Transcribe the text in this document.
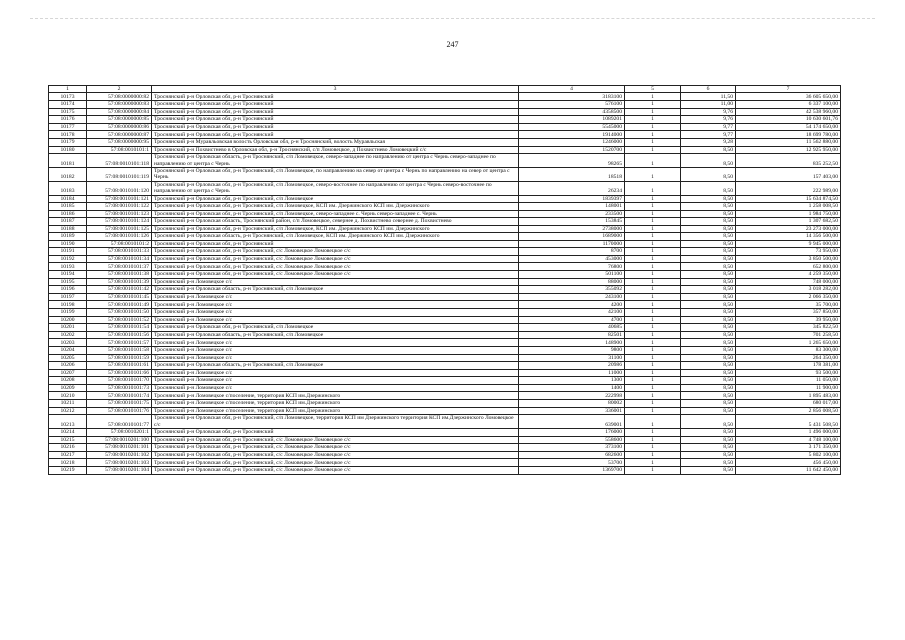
247
1	2	3	4	5	6	7
10173	57:08:0000000:82	Троснянский р-н Орловская обл, р-н Троснянский	3183100	1	11,50	36 605 650,00
10174	57:08:0000000:83	Троснянский р-н Орловская обл, р-н Троснянский	576100	1	11,00	6 337 100,00
10175	57:08:0000000:84	Троснянский р-н Орловская обл, р-н Троснянский	4358500	1	9,76	42 538 960,00
10176	57:08:0000000:85	Троснянский р-н Орловская обл, р-н Троснянский	1089201	1	9,76	10 630 601,76
10177	57:08:0000000:86	Троснянский р-н Орловская обл, р-н Троснянский	5545000	1	9,77	54 174 650,00
10178	57:08:0000000:87	Троснянский р-н Орловская обл, р-н Троснянский	1914000	1	9,77	18 699 780,00
10179	57:08:0000000:95	Троснянский р-н Муравльовская волость Орловская обл, р-н Троснянский, волость Муравльская	1246000	1	9,28	11 562 880,00
10180	57:08:0010101:1	Троснянский р-н Похвистнево в Орловская обл, р-н Троснянский, с/п Ломовецкое, д Похвистнево Ломовецкий с/с	1520700	1	8,50	12 925 950,00
10181	57:08:0010101:118	Троснянский р-н Орловская область, р-н Троснянский, с/п Ломовецкое, северо-западнее по направлению от центра с Чернь северо-западнее по направлению от центра с Чернь	98265	1	8,50	835 252,50
10182	57:08:0010101:119	Троснянский р-н Орловская обл, р-н Троснянский, с/п Ломовецкое, по направлению на север от центра с Чернь по направлению на север от центра с Чернь	18518	1	8,50	157 403,00
10183	57:08:0010101:120	Троснянский р-н Орловская обл, р-н Троснянский, с/п Ломовецкое, северо-восточнее по направлению от центра с Чернь северо-восточнее по направлению от центра с Чернь	26234	1	8,50	222 989,00
10184	57:08:0010101:121	Троснянский р-н Орловская обл, р-н Троснянский, с/п Ломовецкое	1839397	1	8,50	15 634 874,50
10185	57:08:0010101:122	Троснянский р-н Орловская обл, р-н Троснянский, с/п Ломовецкое, КСП им. Дзержинского КСП им. Дзержинского	148001	1	8,50	1 258 008,50
10186	57:08:0010101:123	Троснянский р-н Орловская обл, р-н Троснянский, с/п Ломовецкое, северо-западнее с. Чернь северо-западнее с. Чернь	233500	1	8,50	1 984 750,00
10187	57:08:0010101:124	Троснянский р-н Орловская область, Троснянский район, с/п Ломовецкое, севернее д. Похвистнево севернее д. Похвистнево	153845	1	8,50	1 307 682,50
10188	57:08:0010101:125	Троснянский р-н Орловская обл, р-н Троснянский, с/п Ломовецкое, КСП им. Дзержинского КСП им. Дзержинского	2738000	1	8,50	23 273 000,00
10189	57:08:0010101:126	Троснянский р-н Орловская область, р-н Троснянский, с/п Ломовецкое, КСП им. Дзержинского КСП им. Дзержинского	1689000	1	8,50	14 356 500,00
10190	57:08:0010101:2	Троснянский р-н Орловская обл, р-н Троснянский	1170000	1	8,50	9 945 000,00
10191	57:08:0010101:33	Троснянский р-н Орловская обл, р-н Троснянский, с/с Ломовецкое Ломовецкое с/с	8700	1	8,50	73 950,00
10192	57:08:0010101:34	Троснянский р-н Орловская обл, р-н Троснянский, с/с Ломовецкое Ломовецкое с/с	453000	1	8,50	3 850 500,00
10193	57:08:0010101:37	Троснянский р-н Орловская обл, р-н Троснянский, с/с Ломовецкое Ломовецкое с/с	76800	1	8,50	652 800,00
10194	57:08:0010101:38	Троснянский р-н Орловская обл, р-н Троснянский, с/с Ломовецкое Ломовецкое с/с	501100	1	8,50	4 259 350,00
10195	57:08:0010101:39	Троснянский р-н Ломовецкое с/с	88000	1	8,50	748 000,00
10196	57:08:0010101:42	Троснянский р-н Орловская область, р-н Троснянский, с/п Ломовецкое	355092	1	8,50	3 018 282,00
10197	57:08:0010101:45	Троснянский р-н Ломовецкое с/с	243100	1	8,50	2 066 350,00
10198	57:08:0010101:49	Троснянский р-н Ломовецкое с/с	4200	1	8,50	35 700,00
10199	57:08:0010101:50	Троснянский р-н Ломовецкое с/с	42100	1	8,50	357 850,00
10200	57:08:0010101:52	Троснянский р-н Ломовецкое с/с	4700	1	8,50	39 950,00
10201	57:08:0010101:54	Троснянский р-н Орловская обл, р-н Троснянский, с/п Ломовецкое	40685	1	8,50	345 822,50
10202	57:08:0010101:56	Троснянский р-н Орловская область, р-н Троснянский, с/п Ломовецкое	82501	1	8,50	701 258,50
10203	57:08:0010101:57	Троснянский р-н Ломовецкое с/с	148900	1	8,50	1 265 650,00
10204	57:08:0010101:58	Троснянский р-н Ломовецкое с/с	9800	1	8,50	83 300,00
10205	57:08:0010101:59	Троснянский р-н Ломовецкое с/с	31100	1	8,50	264 350,00
10206	57:08:0010101:61	Троснянский р-н Орловская область, р-н Троснянский, с/п Ломовецкое	20986	1	8,50	178 381,00
10207	57:08:0010101:66	Троснянский р-н Ломовецкое с/с	11000	1	8,50	93 500,00
10208	57:08:0010101:70	Троснянский р-н Ломовецкое с/с	1300	1	8,50	11 050,00
10209	57:08:0010101:73	Троснянский р-н Ломовецкое с/с	1400	1	8,50	11 900,00
10210	57:08:0010101:74	Троснянский р-н Ломовецкое с/поселение, территория КСП им.Дзержинского	222998	1	8,50	1 895 483,00
10211	57:08:0010101:75	Троснянский р-н Ломовецкое с/поселение, территория КСП им.Дзержинского	80002	1	8,50	680 017,00
10212	57:08:0010101:76	Троснянский р-н Ломовецкое с/поселение, территория КСП им.Дзержинского	336001	1	8,50	2 856 008,50
10213	57:08:0010101:77	Троснянский р-н Орловская обл, р-н Троснянский, с/п Ломовецкое, территория КСП им Дзержинского территория КСП им.Дзержинского Ломовецкое с/с	639001	1	8,50	5 431 508,50
10214	57:08:0010201:1	Троснянский р-н Орловская обл, р-н Троснянский	176000	1	8,50	1 496 000,00
10215	57:08:0010201:100	Троснянский р-н Орловская обл, р-н Троснянский, с/с Ломовецкое Ломовецкое с/с	558600	1	8,50	4 748 100,00
10216	57:08:0010201:101	Троснянский р-н Орловская обл, р-н Троснянский, с/с Ломовецкое Ломовецкое с/с	373100	1	8,50	3 171 350,00
10217	57:08:0010201:102	Троснянский р-н Орловская обл, р-н Троснянский, с/с Ломовецкое Ломовецкое с/с	682600	1	8,50	5 802 100,00
10218	57:08:0010201:103	Троснянский р-н Орловская обл, р-н Троснянский, с/с Ломовецкое Ломовецкое с/с	53700	1	8,50	456 450,00
10219	57:08:0010201:104	Троснянский р-н Орловская обл, р-н Троснянский, с/с Ломовецкое Ломовецкое с/с	1369700	1	8,50	11 642 450,00
